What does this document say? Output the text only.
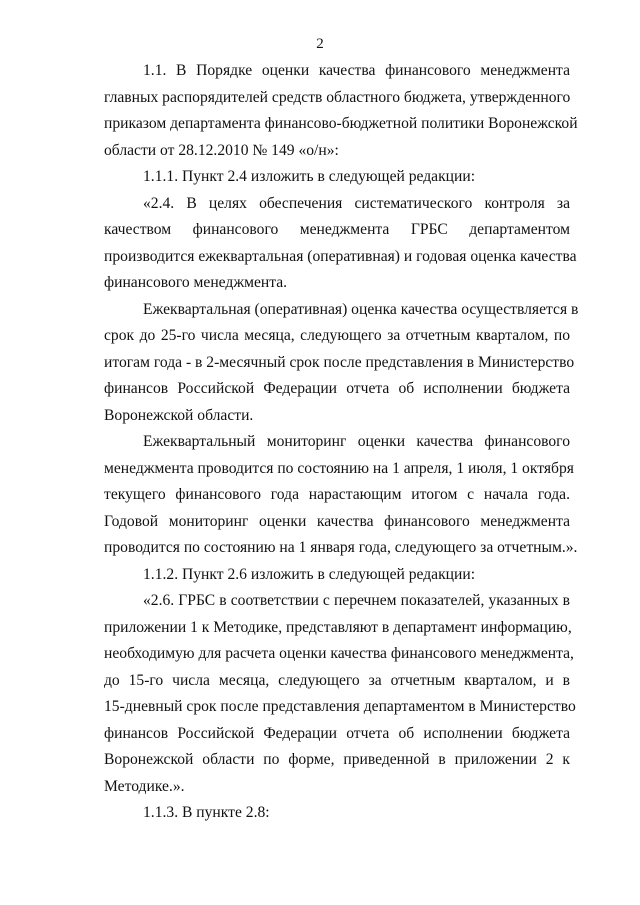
2
1.1. В Порядке оценки качества финансового менеджмента
главных распорядителей средств областного бюджета, утвержденного
приказом департамента финансово-бюджетной политики Воронежской
области от 28.12.2010 № 149 «о/н»:
1.1.1. Пункт 2.4 изложить в следующей редакции:
«2.4. В целях обеспечения систематического контроля за
качеством финансового менеджмента ГРБС департаментом
производится ежеквартальная (оперативная) и годовая оценка качества
финансового менеджмента.
Ежеквартальная (оперативная) оценка качества осуществляется в
срок до 25-го числа месяца, следующего за отчетным кварталом, по
итогам года - в 2-месячный срок после представления в Министерство
финансов Российской Федерации отчета об исполнении бюджета
Воронежской области.
Ежеквартальный мониторинг оценки качества финансового
менеджмента проводится по состоянию на 1 апреля, 1 июля, 1 октября
текущего финансового года нарастающим итогом с начала года.
Годовой мониторинг оценки качества финансового менеджмента
проводится по состоянию на 1 января года, следующего за отчетным.».
1.1.2. Пункт 2.6 изложить в следующей редакции:
«2.6. ГРБС в соответствии с перечнем показателей, указанных в
приложении 1 к Методике, представляют в департамент информацию,
необходимую для расчета оценки качества финансового менеджмента,
до 15-го числа месяца, следующего за отчетным кварталом, и в
15-дневный срок после представления департаментом в Министерство
финансов Российской Федерации отчета об исполнении бюджета
Воронежской области по форме, приведенной в приложении 2 к
Методике.».
1.1.3. В пункте 2.8:
